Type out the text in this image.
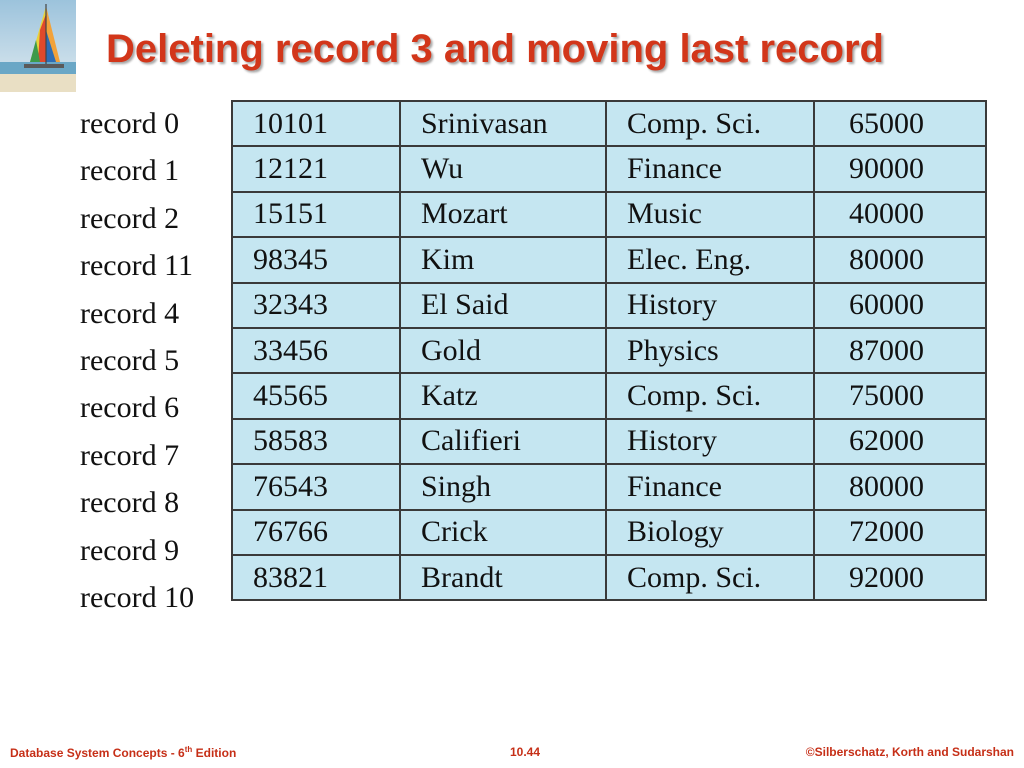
Deleting record 3 and moving last record
record 0
record 1
record 2
record 11
record 4
record 5
record 6
record 7
record 8
record 9
record 10
10101	Srinivasan	Comp. Sci.	65000
12121	Wu	Finance	90000
15151	Mozart	Music	40000
98345	Kim	Elec. Eng.	80000
32343	El Said	History	60000
33456	Gold	Physics	87000
45565	Katz	Comp. Sci.	75000
58583	Califieri	History	62000
76543	Singh	Finance	80000
76766	Crick	Biology	72000
83821	Brandt	Comp. Sci.	92000
Database System Concepts - 6th Edition	10.44	©Silberschatz, Korth and Sudarshan
